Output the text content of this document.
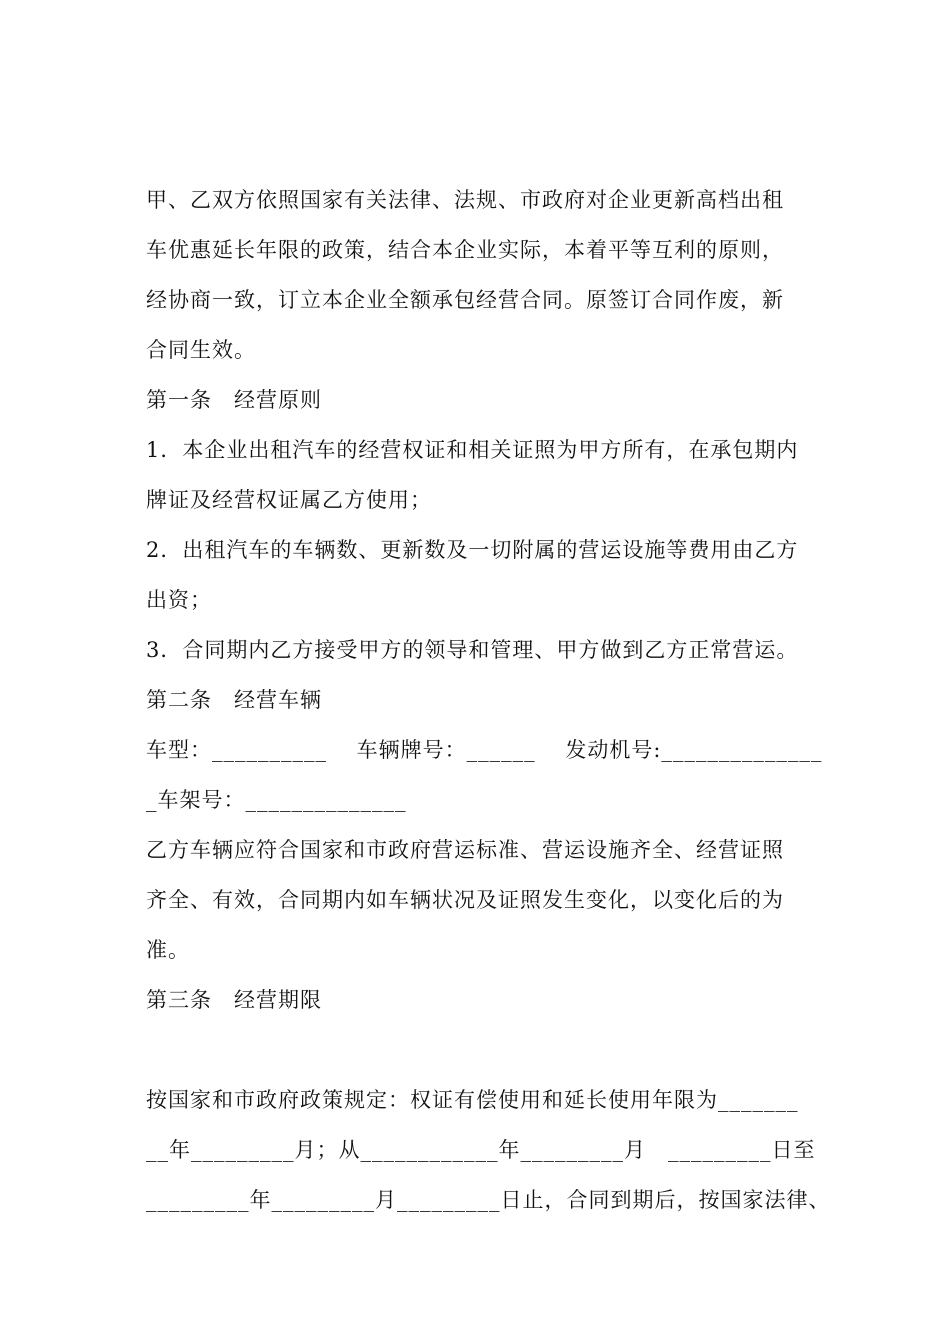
甲、乙双方依照国家有关法律、法规、市政府对企业更新高档出租
车优惠延长年限的政策，结合本企业实际，本着平等互利的原则，
经协商一致，订立本企业全额承包经营合同。原签订合同作废，新
合同生效。
第一条　经营原则
1．本企业出租汽车的经营权证和相关证照为甲方所有，在承包期内
牌证及经营权证属乙方使用；
2．出租汽车的车辆数、更新数及一切附属的营运设施等费用由乙方
出资；
3．合同期内乙方接受甲方的领导和管理、甲方做到乙方正常营运。
第二条　经营车辆
车型：__________　 车辆牌号：______　 发动机号:______________
_车架号：______________
乙方车辆应符合国家和市政府营运标准、营运设施齐全、经营证照
齐全、有效，合同期内如车辆状况及证照发生变化，以变化后的为
准。
第三条　经营期限
按国家和市政府政策规定：权证有偿使用和延长使用年限为_______
__年_________月；从____________年_________月　_________日至
_________年_________月_________日止，合同到期后，按国家法律、
